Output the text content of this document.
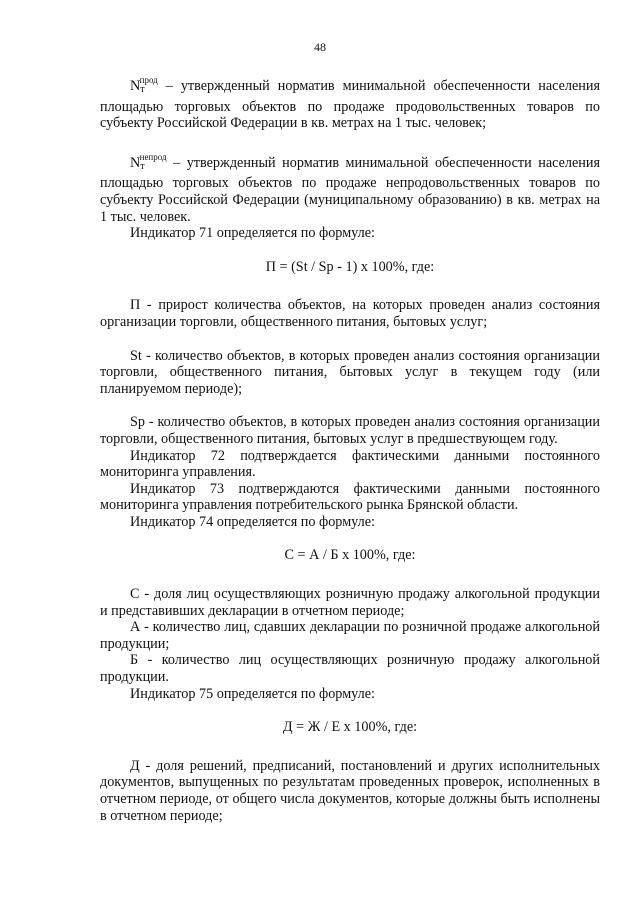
48

$N_т^{прод}$ – утвержденный норматив минимальной обеспеченности населения площадью торговых объектов по продаже продовольственных товаров по субъекту Российской Федерации в кв. метрах на 1 тыс. человек;

$N_т^{непрод}$ – утвержденный норматив минимальной обеспеченности населения площадью торговых объектов по продаже непродовольственных товаров по субъекту Российской Федерации (муниципальному образованию) в кв. метрах на 1 тыс. человек.

Индикатор 71 определяется по формуле:

П = (St / Sp - 1) х 100%, где:

П - прирост количества объектов, на которых проведен анализ состояния организации торговли, общественного питания, бытовых услуг;

St - количество объектов, в которых проведен анализ состояния организации торговли, общественного питания, бытовых услуг в текущем году (или планируемом периоде);

Sp - количество объектов, в которых проведен анализ состояния организации торговли, общественного питания, бытовых услуг в предшествующем году.

Индикатор 72 подтверждается фактическими данными постоянного мониторинга управления.

Индикатор 73 подтверждаются фактическими данными постоянного мониторинга управления потребительского рынка Брянской области.

Индикатор 74 определяется по формуле:

С = А / Б х 100%, где:

С - доля лиц осуществляющих розничную продажу алкогольной продукции и представивших декларации в отчетном периоде;

А - количество лиц, сдавших декларации по розничной продаже алкогольной продукции;

Б - количество лиц осуществляющих розничную продажу алкогольной продукции.

Индикатор 75 определяется по формуле:

Д = Ж / Е х 100%, где:

Д - доля решений, предписаний, постановлений и других исполнительных документов, выпущенных по результатам проведенных проверок, исполненных в отчетном периоде, от общего числа документов, которые должны быть исполнены в отчетном периоде;
